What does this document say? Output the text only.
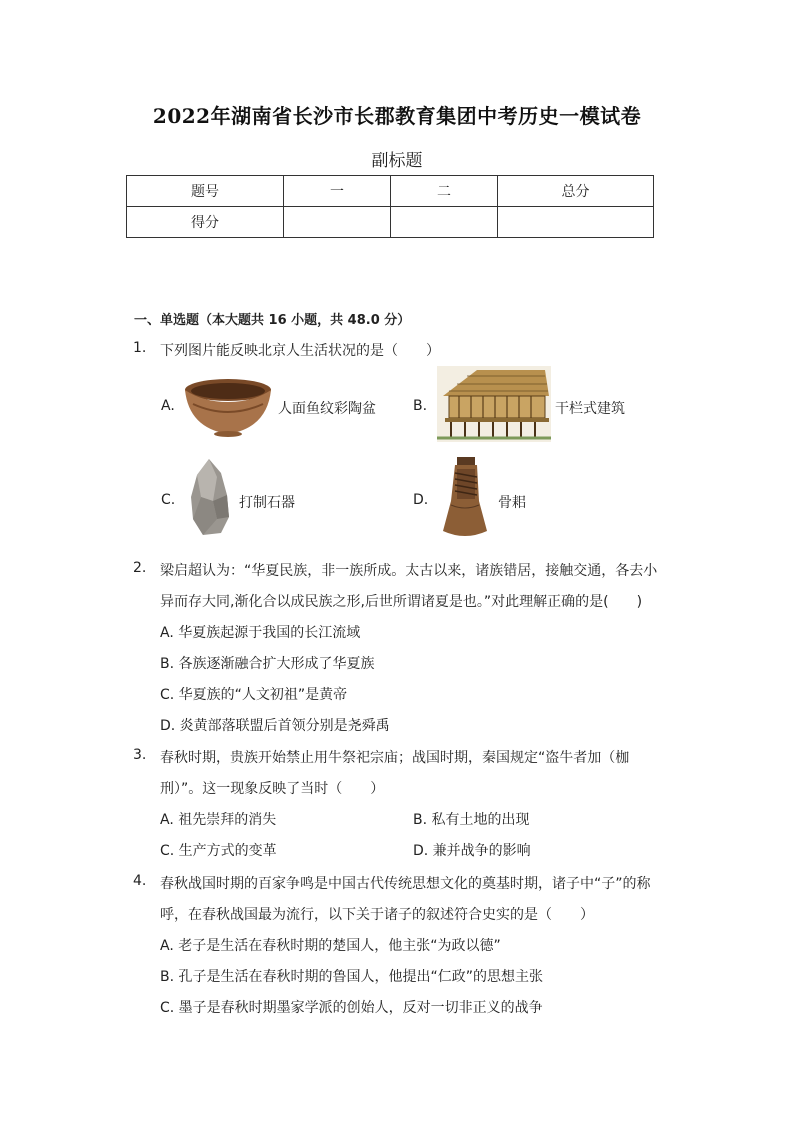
2022年湖南省长沙市长郡教育集团中考历史一模试卷
副标题
题号	一	二	总分
得分			
一、单选题（本大题共 16 小题，共 48.0 分）
1. 下列图片能反映北京人生活状况的是（　　）
A.	人面鱼纹彩陶盆	B.	干栏式建筑
C.	打制石器	D.	骨耜
2. 梁启超认为：“华夏民族，非一族所成。太古以来，诸族错居，接触交通，各去小
异而存大同,渐化合以成民族之形,后世所谓诸夏是也。”对此理解正确的是(　　)
A. 华夏族起源于我国的长江流域
B. 各族逐渐融合扩大形成了华夏族
C. 华夏族的“人文初祖”是黄帝
D. 炎黄部落联盟后首领分别是尧舜禹
3. 春秋时期，贵族开始禁止用牛祭祀宗庙；战国时期，秦国规定“盗牛者加（枷
刑）”。这一现象反映了当时（　　）
A. 祖先崇拜的消失	B. 私有土地的出现
C. 生产方式的变革	D. 兼并战争的影响
4. 春秋战国时期的百家争鸣是中国古代传统思想文化的奠基时期，诸子中“子”的称
呼，在春秋战国最为流行，以下关于诸子的叙述符合史实的是（　　）
A. 老子是生活在春秋时期的楚国人，他主张“为政以德”
B. 孔子是生活在春秋时期的鲁国人，他提出“仁政”的思想主张
C. 墨子是春秋时期墨家学派的创始人，反对一切非正义的战争
